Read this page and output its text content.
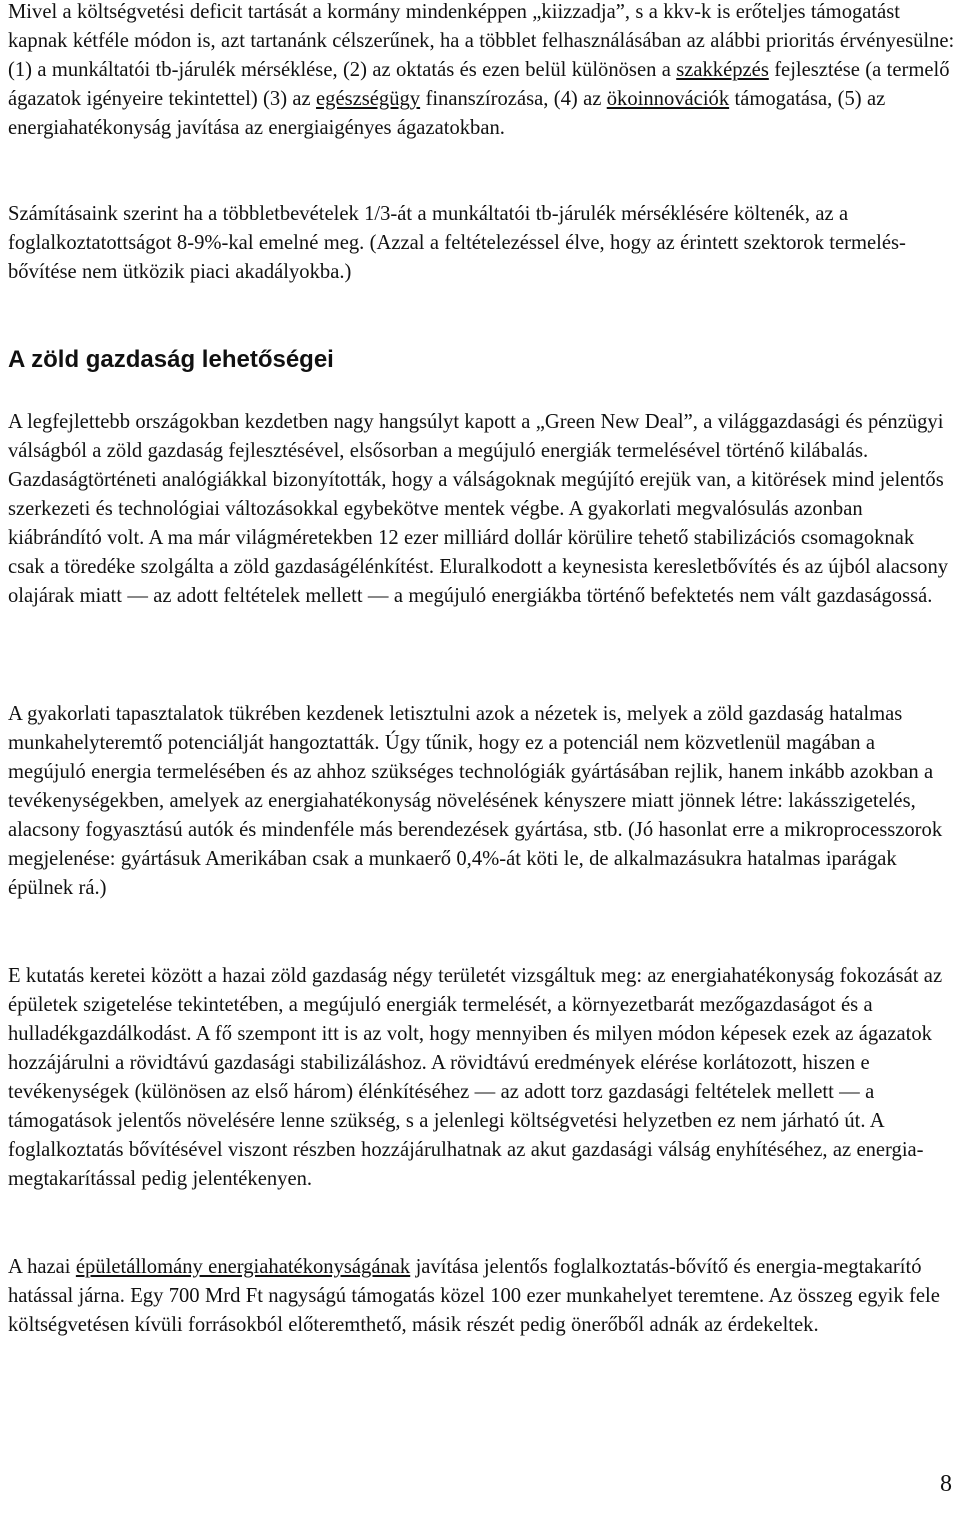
Mivel a költségvetési deficit tartását a kormány mindenképpen „kiizzadja”, s a kkv-k is erőteljes támogatást kapnak kétféle módon is, azt tartanánk célszerűnek, ha a többlet felhasználásában az alábbi prioritás érvényesülne: (1) a munkáltatói tb-járulék mérséklése, (2) az oktatás és ezen belül különösen a szakképzés fejlesztése (a termelő ágazatok igényeire tekintettel) (3) az egészségügy finanszírozása, (4) az ökoinnovációk támogatása, (5) az energiahatékonyság javítása az energiaigényes ágazatokban.

Számításaink szerint ha a többletbevételek 1/3-át a munkáltatói tb-járulék mérséklésére költenék, az a foglalkoztatottságot 8-9%-kal emelné meg. (Azzal a feltételezéssel élve, hogy az érintett szektorok termelés-bővítése nem ütközik piaci akadályokba.)

A zöld gazdaság lehetőségei

A legfejlettebb országokban kezdetben nagy hangsúlyt kapott a „Green New Deal”, a világgazdasági és pénzügyi válságból a zöld gazdaság fejlesztésével, elsősorban a megújuló energiák termelésével történő kilábalás. Gazdaságtörténeti analógiákkal bizonyították, hogy a válságoknak megújító erejük van, a kitörések mind jelentős szerkezeti és technológiai változásokkal egybekötve mentek végbe. A gyakorlati megvalósulás azonban kiábrándító volt. A ma már világméretekben 12 ezer milliárd dollár körülire tehető stabilizációs csomagoknak csak a töredéke szolgálta a zöld gazdaságélénkítést. Eluralkodott a keynesista keresletbővítés és az újból alacsony olajárak miatt — az adott feltételek mellett — a megújuló energiákba történő befektetés nem vált gazdaságossá.

A gyakorlati tapasztalatok tükrében kezdenek letisztulni azok a nézetek is, melyek a zöld gazdaság hatalmas munkahelyteremtő potenciálját hangoztatták. Úgy tűnik, hogy ez a potenciál nem közvetlenül magában a megújuló energia termelésében és az ahhoz szükséges technológiák gyártásában rejlik, hanem inkább azokban a tevékenységekben, amelyek az energiahatékonyság növelésének kényszere miatt jönnek létre: lakásszigetelés, alacsony fogyasztású autók és mindenféle más berendezések gyártása, stb. (Jó hasonlat erre a mikroprocesszorok megjelenése: gyártásuk Amerikában csak a munkaerő 0,4%-át köti le, de alkalmazásukra hatalmas iparágak épülnek rá.)

E kutatás keretei között a hazai zöld gazdaság négy területét vizsgáltuk meg: az energiahatékonyság fokozását az épületek szigetelése tekintetében, a megújuló energiák termelését, a környezetbarát mezőgazdaságot és a hulladékgazdálkodást. A fő szempont itt is az volt, hogy mennyiben és milyen módon képesek ezek az ágazatok hozzájárulni a rövidtávú gazdasági stabilizáláshoz. A rövidtávú eredmények elérése korlátozott, hiszen e tevékenységek (különösen az első három) élénkítéséhez — az adott torz gazdasági feltételek mellett — a támogatások jelentős növelésére lenne szükség, s a jelenlegi költségvetési helyzetben ez nem járható út. A foglalkoztatás bővítésével viszont részben hozzájárulhatnak az akut gazdasági válság enyhítéséhez, az energia-megtakarítással pedig jelentékenyen.

A hazai épületállomány energiahatékonyságának javítása jelentős foglalkoztatás-bővítő és energia-megtakarító hatással járna. Egy 700 Mrd Ft nagyságú támogatás közel 100 ezer munkahelyet teremtene. Az összeg egyik fele költségvetésen kívüli forrásokból előteremthető, másik részét pedig önerőből adnák az érdekeltek.

8
